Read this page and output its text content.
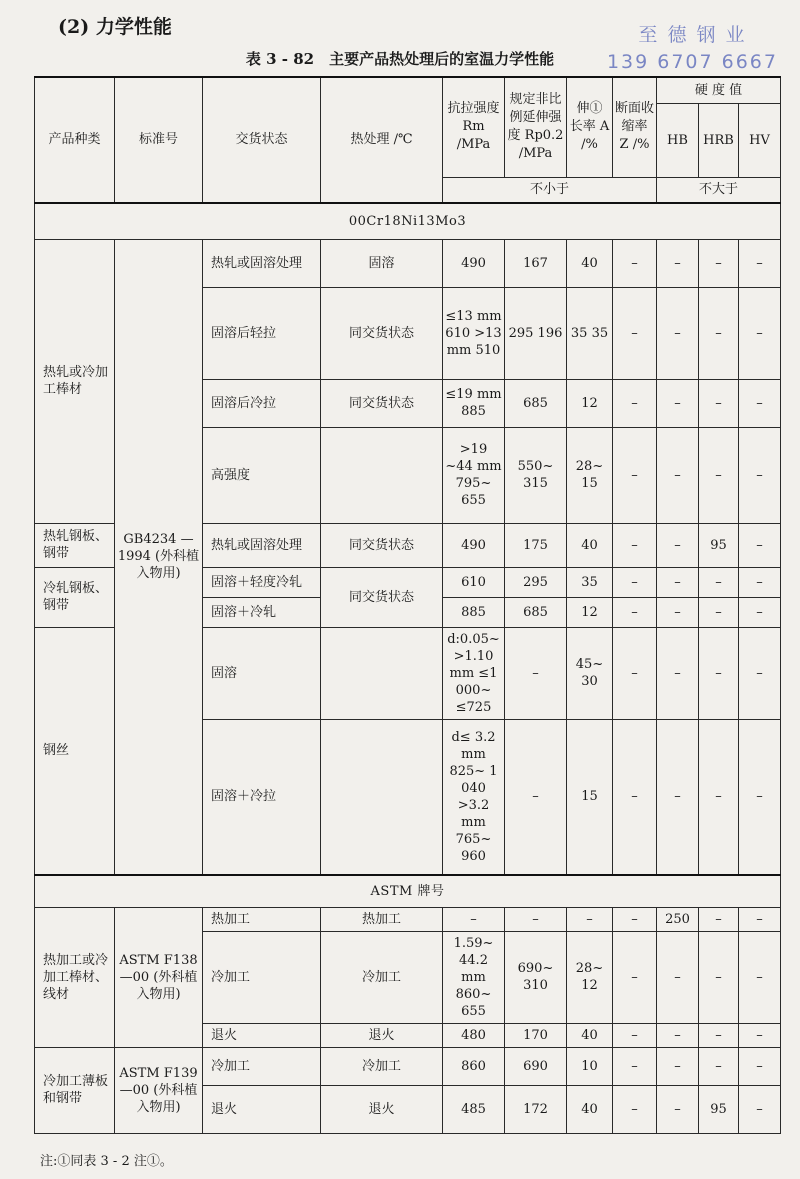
(2) 力学性能	至 德 钢 业
139 6707 6667
表 3 - 82　主要产品热处理后的室温力学性能
产品种类	标准号	交货状态	热处理 /℃	抗拉强度 Rm /MPa	规定非比例延伸强度 Rp0.2 /MPa	伸① 长率 A /%	断面收缩率 Z /%	硬 度 值		
								HB	HRB	HV
				不小于				不大于		
00Cr18Ni13Mo3										
热轧或冷加工棒材	GB4234 —1994 (外科植入物用)	热轧或固溶处理	固溶	490	167	40	–	–	–	–
		固溶后轻拉	同交货状态	≤13 mm 610 >13 mm 510	295 196	35 35	–	–	–	–
		固溶后冷拉	同交货状态	≤19 mm 885	685	12	–	–	–	–
		高强度		>19 ~44 mm 795~ 655	550~ 315	28~ 15	–	–	–	–
热轧钢板、钢带		热轧或固溶处理	同交货状态	490	175	40	–	–	95	–
冷轧钢板、钢带		固溶＋轻度冷轧	同交货状态	610	295	35	–	–	–	–
		固溶＋冷轧		885	685	12	–	–	–	–
钢丝		固溶		d:0.05~ >1.10 mm ≤1 000~ ≤725	–	45~ 30	–	–	–	–
		固溶＋冷拉		d≤ 3.2 mm 825~ 1 040 >3.2 mm 765~ 960	–	15	–	–	–	–
ASTM 牌号										
热加工或冷加工棒材、线材	ASTM F138—00 (外科植入物用)	热加工	热加工	–	–	–	–	250	–	–
		冷加工	冷加工	1.59~ 44.2 mm 860~ 655	690~ 310	28~ 12	–	–	–	–
		退火	退火	480	170	40	–	–	–	–
冷加工薄板和钢带	ASTM F139—00 (外科植入物用)	冷加工	冷加工	860	690	10	–	–	–	–
		退火	退火	485	172	40	–	–	95	–
注:①同表 3 - 2 注①。
